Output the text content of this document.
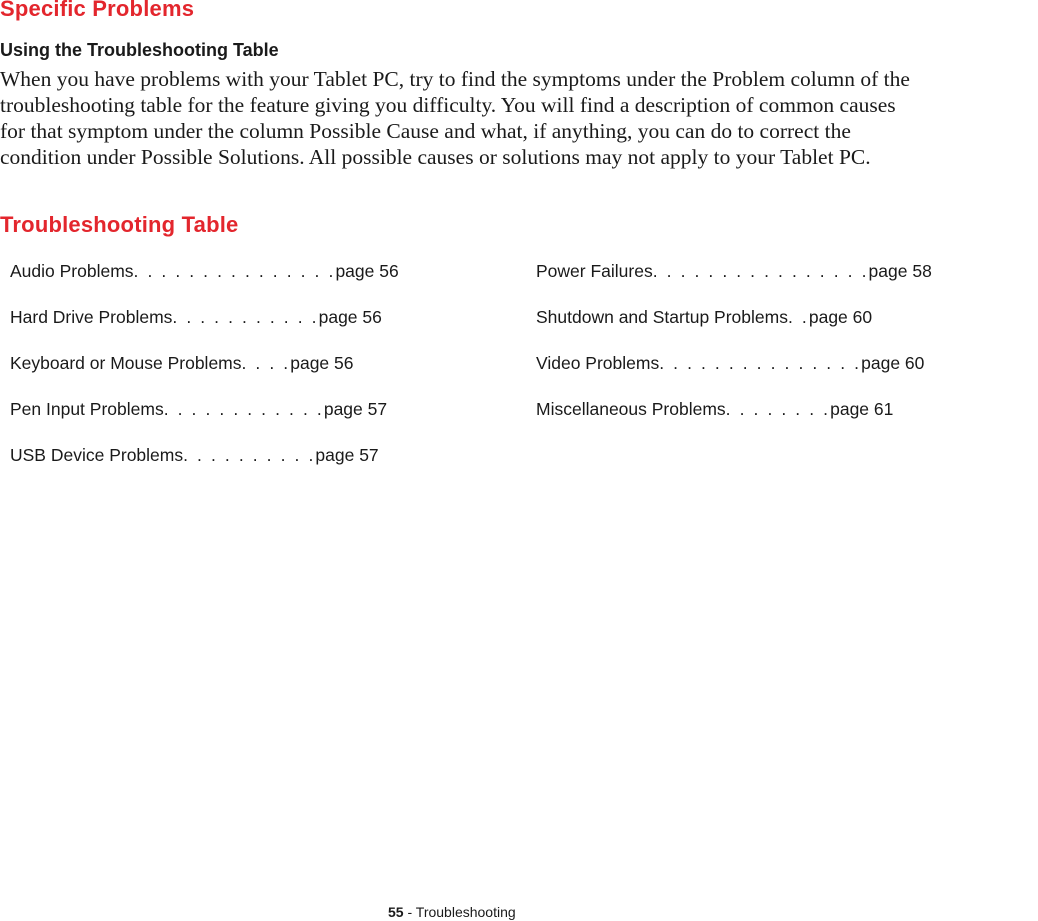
Specific Problems
Using the Troubleshooting Table

When you have problems with your Tablet PC, try to find the symptoms under the Problem column of the
troubleshooting table for the feature giving you difficulty. You will find a description of common causes
for that symptom under the column Possible Cause and what, if anything, you can do to correct the
condition under Possible Solutions. All possible causes or solutions may not apply to your Tablet PC.

Troubleshooting Table
Audio Problems . . . . . . . . . . . . . . . page 56
Hard Drive Problems . . . . . . . . . . . page 56
Keyboard or Mouse Problems . . . . page 56
Pen Input Problems . . . . . . . . . . . . page 57
USB Device Problems . . . . . . . . . . page 57
Power Failures . . . . . . . . . . . . . . . . page 58
Shutdown and Startup Problems . . page 60
Video Problems . . . . . . . . . . . . . . . page 60
Miscellaneous Problems . . . . . . . . page 61
55 - Troubleshooting
